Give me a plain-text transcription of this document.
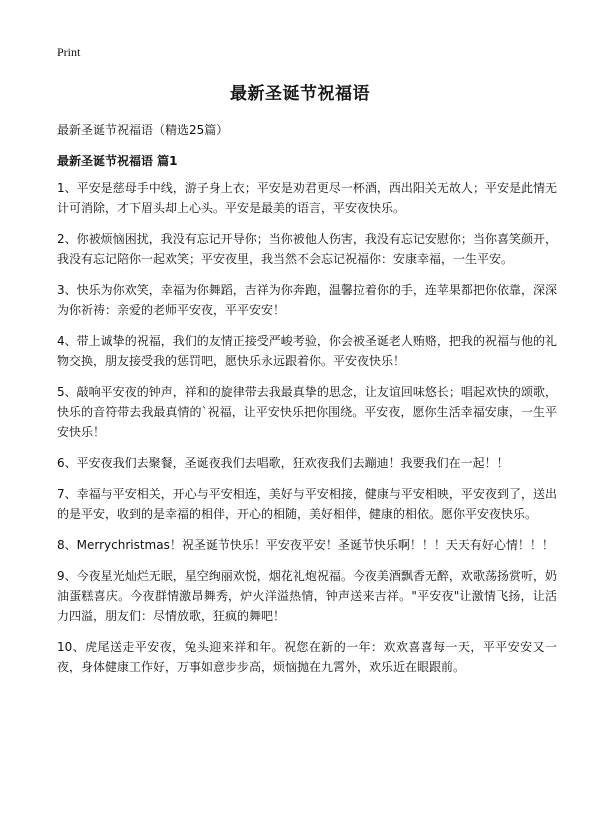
Print
最新圣诞节祝福语

最新圣诞节祝福语（精选25篇）

最新圣诞节祝福语 篇1

1、平安是慈母手中线，游子身上衣；平安是劝君更尽一杯酒，西出阳关无故人；平安是此情无计可消除，才下眉头却上心头。平安是最美的语言，平安夜快乐。

2、你被烦恼困扰，我没有忘记开导你；当你被他人伤害，我没有忘记安慰你；当你喜笑颜开，我没有忘记陪你一起欢笑；平安夜里，我当然不会忘记祝福你：安康幸福，一生平安。

3、快乐为你欢笑，幸福为你舞蹈，吉祥为你奔跑，温馨拉着你的手，连苹果都把你依靠，深深为你祈祷：亲爱的老师平安夜，平平安安！

4、带上诚挚的祝福，我们的友情正接受严峻考验，你会被圣诞老人贿赂，把我的祝福与他的礼物交换，朋友接受我的惩罚吧，愿快乐永远跟着你。平安夜快乐！

5、敲响平安夜的钟声，祥和的旋律带去我最真挚的思念，让友谊回味悠长；唱起欢快的颂歌，快乐的音符带去我最真情的`祝福，让平安快乐把你围绕。平安夜，愿你生活幸福安康，一生平安快乐！

6、平安夜我们去聚餐，圣诞夜我们去唱歌，狂欢夜我们去蹦迪！我要我们在一起！！

7、幸福与平安相关，开心与平安相连，美好与平安相接，健康与平安相映，平安夜到了，送出的是平安，收到的是幸福的相伴，开心的相随，美好相伴，健康的相依。愿你平安夜快乐。

8、Merrychristmas！祝圣诞节快乐！平安夜平安！圣诞节快乐啊！！！天天有好心情！！！

9、今夜星光灿烂无眠，星空绚丽欢悦，烟花礼炮祝福。今夜美酒飘香无醉，欢歌荡扬赏听，奶油蛋糕喜庆。今夜群情激昂舞秀，炉火洋溢热情，钟声送来吉祥。"平安夜"让激情飞扬，让活力四溢，朋友们：尽情放歌，狂疯的舞吧！

10、虎尾送走平安夜，兔头迎来祥和年。祝您在新的一年：欢欢喜喜每一天，平平安安又一夜，身体健康工作好，万事如意步步高，烦恼抛在九霄外，欢乐近在眼跟前。
